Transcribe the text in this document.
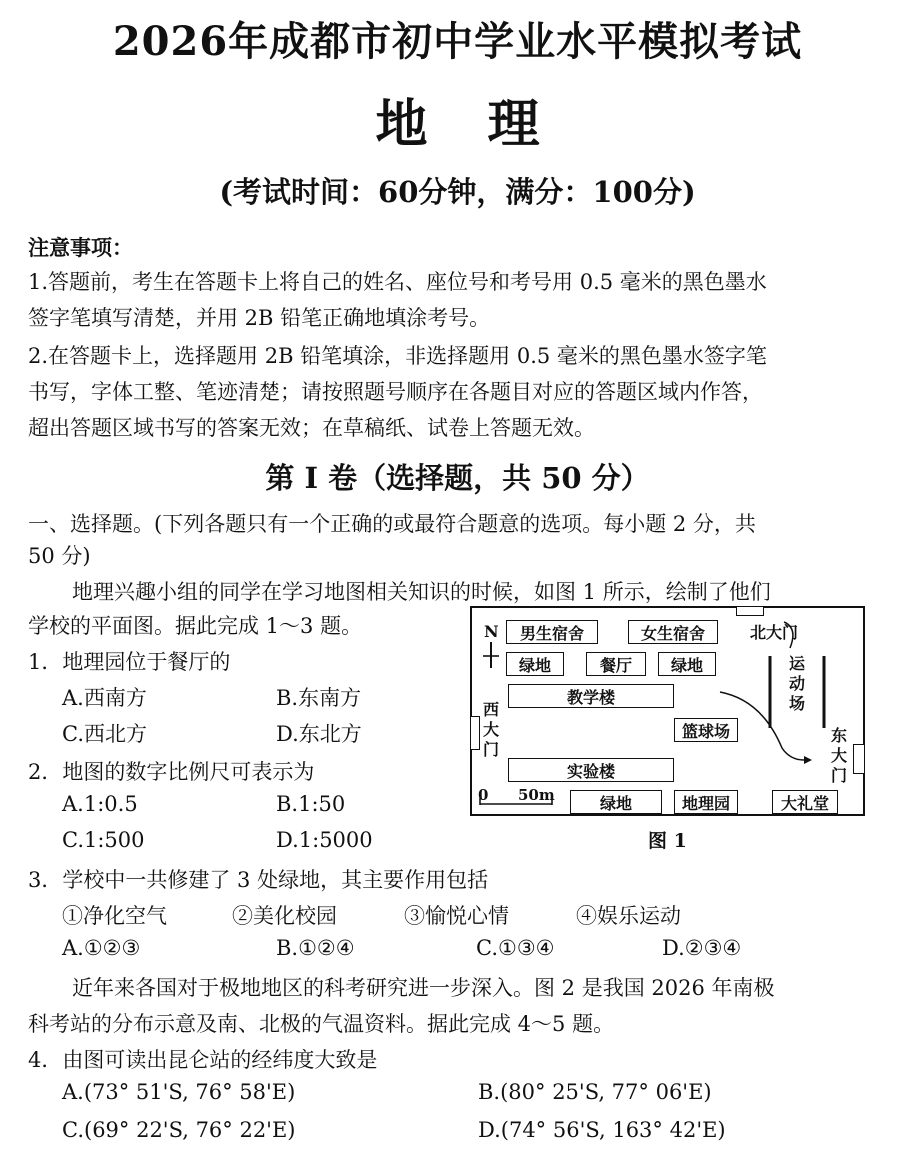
2026年成都市初中学业水平模拟考试
地理
(考试时间：60分钟，满分：100分)
注意事项：
1.答题前，考生在答题卡上将自己的姓名、座位号和考号用 0.5 毫米的黑色墨水
签字笔填写清楚，并用 2B 铅笔正确地填涂考号。
2.在答题卡上，选择题用 2B 铅笔填涂，非选择题用 0.5 毫米的黑色墨水签字笔
书写，字体工整、笔迹清楚；请按照题号顺序在各题目对应的答题区域内作答，
超出答题区域书写的答案无效；在草稿纸、试卷上答题无效。
第 I 卷（选择题，共 50 分）
一、选择题。(下列各题只有一个正确的或最符合题意的选项。每小题 2 分，共
50 分)
地理兴趣小组的同学在学习地图相关知识的时候，如图 1 所示，绘制了他们
学校的平面图。据此完成 1～3 题。
1．地理园位于餐厅的
A.西南方	B.东南方
C.西北方	D.东北方
2．地图的数字比例尺可表示为
A.1:0.5	B.1:50
C.1:500	D.1:5000
3．学校中一共修建了 3 处绿地，其主要作用包括
①净化空气	②美化校园	③愉悦心情	④娱乐运动
A.①②③	B.①②④	C.①③④	D.②③④
近年来各国对于极地地区的科考研究进一步深入。图 2 是我国 2026 年南极
科考站的分布示意及南、北极的气温资料。据此完成 4～5 题。
4．由图可读出昆仑站的经纬度大致是
A.(73° 51'S, 76° 58'E)	B.(80° 25'S, 77° 06'E)
C.(69° 22'S, 76° 22'E)	D.(74° 56'S, 163° 42'E)
N
0 50m
男生宿舍	女生宿舍	北大门
绿地	餐厅	绿地	运动场
教学楼
西大门
篮球场	东大门
实验楼
绿地	地理园	大礼堂
图 1
